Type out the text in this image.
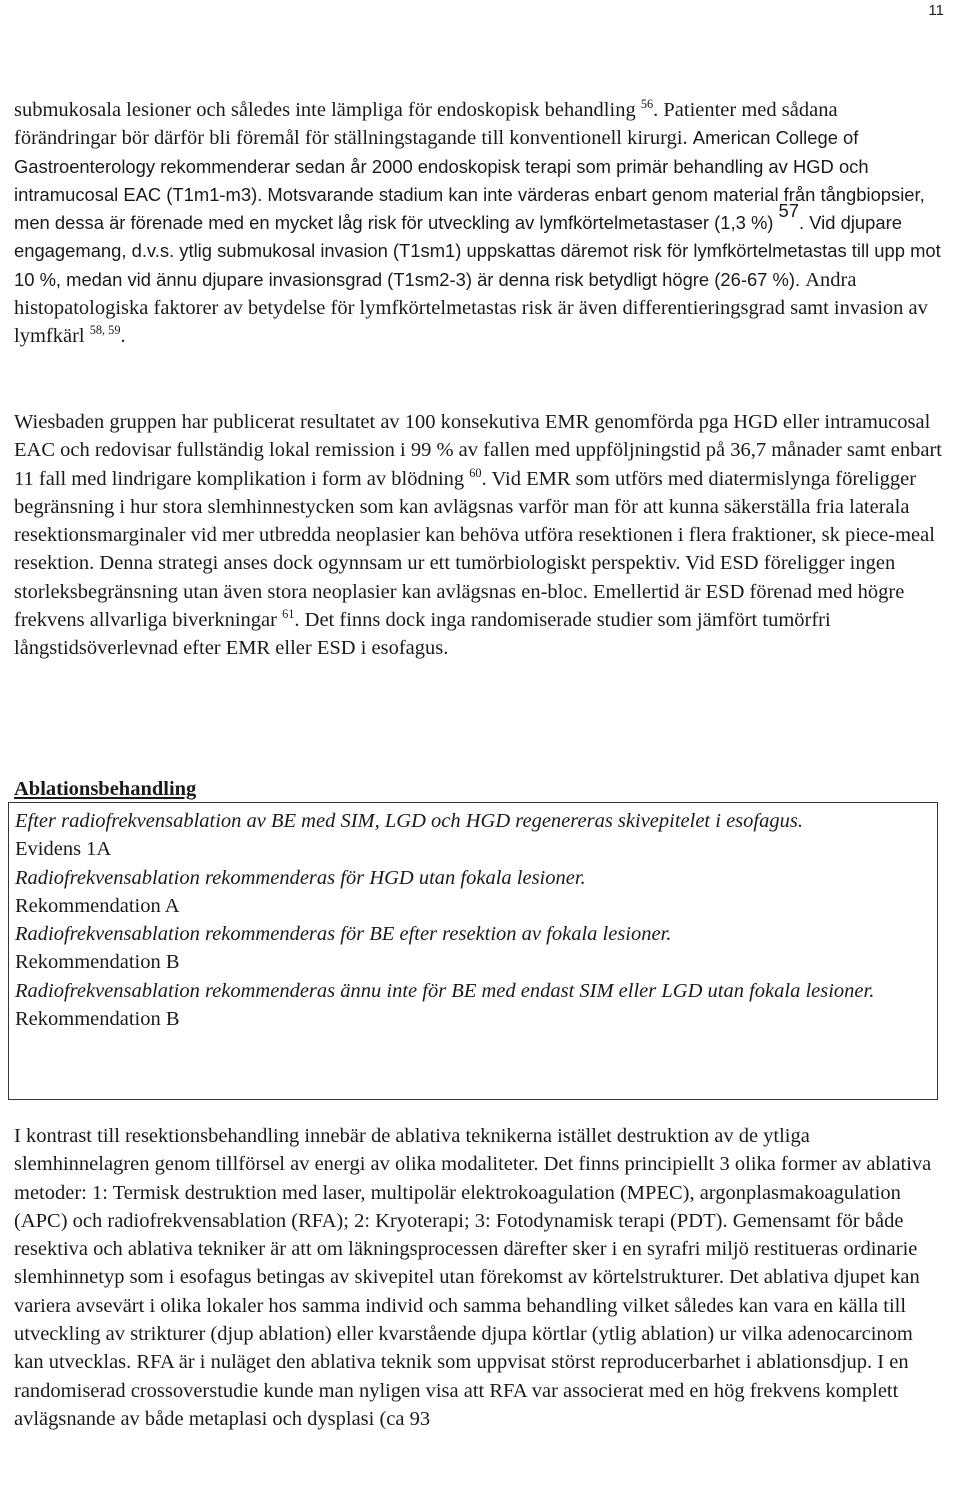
11

submukosala lesioner och således inte lämpliga för endoskopisk behandling $^{56}$. Patienter med sådana förändringar bör därför bli föremål för ställningstagande till konventionell kirurgi. American College of Gastroenterology rekommenderar sedan år 2000 endoskopisk terapi som primär behandling av HGD och intramucosal EAC (T1m1-m3). Motsvarande stadium kan inte värderas enbart genom material från tångbiopsier, men dessa är förenade med en mycket låg risk för utveckling av lymfkörtelmetastaser (1,3 %) $^{57}$. Vid djupare engagemang, d.v.s. ytlig submukosal invasion (T1sm1) uppskattas däremot risk för lymfkörtelmetastas till upp mot 10 %, medan vid ännu djupare invasionsgrad (T1sm2-3) är denna risk betydligt högre (26-67 %). Andra histopatologiska faktorer av betydelse för lymfkörtelmetastas risk är även differentieringsgrad samt invasion av lymfkärl $^{58, 59}$.

Wiesbaden gruppen har publicerat resultatet av 100 konsekutiva EMR genomförda pga HGD eller intramucosal EAC och redovisar fullständig lokal remission i 99 % av fallen med uppföljningstid på 36,7 månader samt enbart 11 fall med lindrigare komplikation i form av blödning $^{60}$. Vid EMR som utförs med diatermislynga föreligger begränsning i hur stora slemhinnestycken som kan avlägsnas varför man för att kunna säkerställa fria laterala resektionsmarginaler vid mer utbredda neoplasier kan behöva utföra resektionen i flera fraktioner, sk piece-meal resektion. Denna strategi anses dock ogynnsam ur ett tumörbiologiskt perspektiv. Vid ESD föreligger ingen storleksbegränsning utan även stora neoplasier kan avlägsnas en-bloc. Emellertid är ESD förenad med högre frekvens allvarliga biverkningar $^{61}$. Det finns dock inga randomiserade studier som jämfört tumörfri långstidsöverlevnad efter EMR eller ESD i esofagus.

Ablationsbehandling

Efter radiofrekvensablation av BE med SIM, LGD och HGD regenereras skivepitelet i esofagus.

Evidens 1A

Radiofrekvensablation rekommenderas för HGD utan fokala lesioner.

Rekommendation A

Radiofrekvensablation rekommenderas för BE efter resektion av fokala lesioner.

Rekommendation B

Radiofrekvensablation rekommenderas ännu inte för BE med endast SIM eller LGD utan fokala lesioner.

Rekommendation B

I kontrast till resektionsbehandling innebär de ablativa teknikerna istället destruktion av de ytliga slemhinnelagren genom tillförsel av energi av olika modaliteter. Det finns principiellt 3 olika former av ablativa metoder: 1: Termisk destruktion med laser, multipolär elektrokoagulation (MPEC), argonplasmakoagulation (APC) och radiofrekvensablation (RFA); 2: Kryoterapi; 3: Fotodynamisk terapi (PDT). Gemensamt för både resektiva och ablativa tekniker är att om läkningsprocessen därefter sker i en syrafri miljö restitueras ordinarie slemhinnetyp som i esofagus betingas av skivepitel utan förekomst av körtelstrukturer. Det ablativa djupet kan variera avsevärt i olika lokaler hos samma individ och samma behandling vilket således kan vara en källa till utveckling av strikturer (djup ablation) eller kvarstående djupa körtlar (ytlig ablation) ur vilka adenocarcinom kan utvecklas. RFA är i nuläget den ablativa teknik som uppvisat störst reproducerbarhet i ablationsdjup. I en randomiserad crossoverstudie kunde man nyligen visa att RFA var associerat med en hög frekvens komplett avlägsnande av både metaplasi och dysplasi (ca 93
